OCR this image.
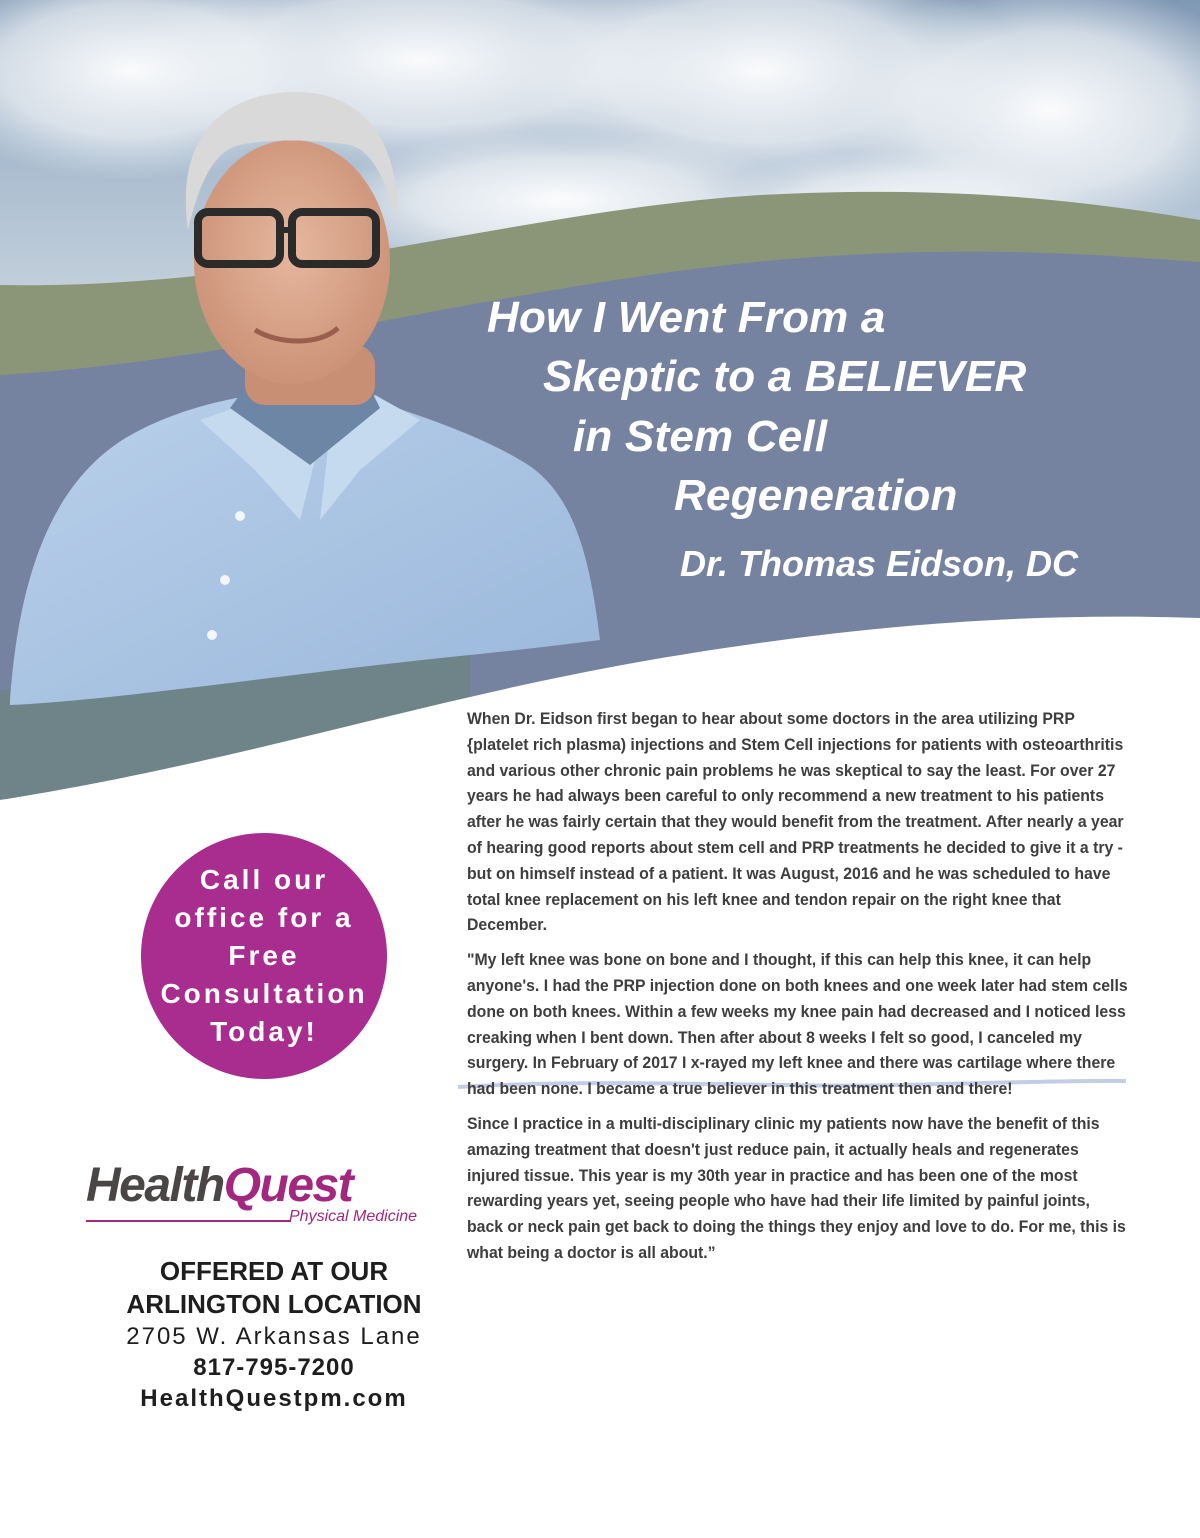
How I Went From a
Skeptic to a BELIEVER
in Stem Cell
Regeneration
Dr. Thomas Eidson, DC

When Dr. Eidson first began to hear about some doctors in the area utilizing PRP {platelet rich plasma) injections and Stem Cell injections for patients with osteoarthritis and various other chronic pain problems he was skeptical to say the least. For over 27 years he had always been careful to only recommend a new treatment to his patients after he was fairly certain that they would benefit from the treatment. After nearly a year of hearing good reports about stem cell and PRP treatments he decided to give it a try - but on himself instead of a patient. It was August, 2016 and he was scheduled to have total knee replacement on his left knee and tendon repair on the right knee that December.

"My left knee was bone on bone and I thought, if this can help this knee, it can help anyone's. I had the PRP injection done on both knees and one week later had stem cells done on both knees. Within a few weeks my knee pain had decreased and I noticed less creaking when I bent down. Then after about 8 weeks I felt so good, I canceled my surgery. In February of 2017 I x-rayed my left knee and there was cartilage where there had been none. I became a true believer in this treatment then and there!

Since I practice in a multi-disciplinary clinic my patients now have the benefit of this amazing treatment that doesn't just reduce pain, it actually heals and regenerates injured tissue. This year is my 30th year in practice and has been one of the most rewarding years yet, seeing people who have had their life limited by painful joints, back or neck pain get back to doing the things they enjoy and love to do. For me, this is what being a doctor is all about.”

Call our
office for a
Free
Consultation
Today!
HealthQuest
Physical Medicine
OFFERED AT OUR
ARLINGTON LOCATION
2705 W. Arkansas Lane
817-795-7200
HealthQuestpm.com
